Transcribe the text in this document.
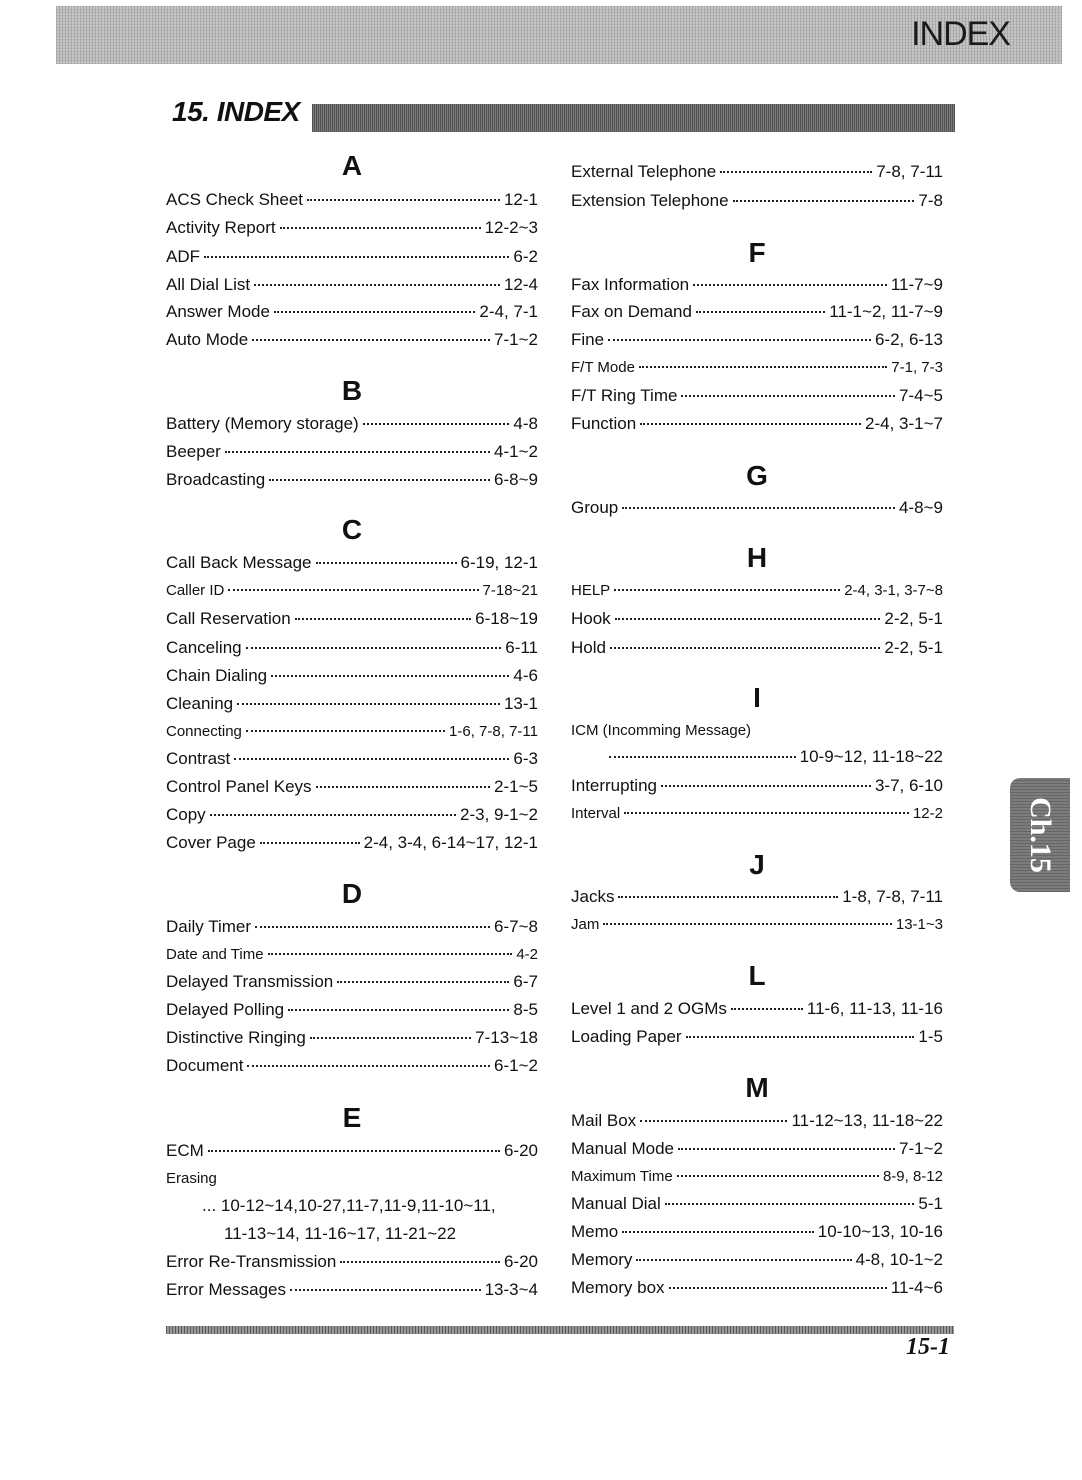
INDEX
15. INDEX
A
ACS Check Sheet	12-1
Activity Report	12-2~3
ADF	6-2
All Dial List	12-4
Answer Mode	2-4, 7-1
Auto Mode	7-1~2
B
Battery (Memory storage)	4-8
Beeper	4-1~2
Broadcasting	6-8~9
C
Call Back Message	6-19, 12-1
Caller ID	7-18~21
Call Reservation	6-18~19
Canceling	6-11
Chain Dialing	4-6
Cleaning	13-1
Connecting	1-6, 7-8, 7-11
Contrast	6-3
Control Panel Keys	2-1~5
Copy	2-3, 9-1~2
Cover Page	2-4, 3-4, 6-14~17, 12-1
D
Daily Timer	6-7~8
Date and Time	4-2
Delayed Transmission	6-7
Delayed Polling	8-5
Distinctive Ringing	7-13~18
Document	6-1~2
E
ECM	6-20
Erasing
... 10-12~14,10-27,11-7,11-9,11-10~11,
11-13~14, 11-16~17, 11-21~22
Error Re-Transmission	6-20
Error Messages	13-3~4
External Telephone	7-8, 7-11
Extension Telephone	7-8
F
Fax Information	11-7~9
Fax on Demand	11-1~2, 11-7~9
Fine	6-2, 6-13
F/T Mode	7-1, 7-3
F/T Ring Time	7-4~5
Function	2-4, 3-1~7
G
Group	4-8~9
H
HELP	2-4, 3-1, 3-7~8
Hook	2-2, 5-1
Hold	2-2, 5-1
I
ICM (Incomming Message)
10-9~12, 11-18~22
Interrupting	3-7, 6-10
Interval	12-2
J
Jacks	1-8, 7-8, 7-11
Jam	13-1~3
L
Level 1 and 2 OGMs	11-6, 11-13, 11-16
Loading Paper	1-5
M
Mail Box	11-12~13, 11-18~22
Manual Mode	7-1~2
Maximum Time	8-9, 8-12
Manual Dial	5-1
Memo	10-10~13, 10-16
Memory	4-8, 10-1~2
Memory box	11-4~6
Ch.15

15-1
